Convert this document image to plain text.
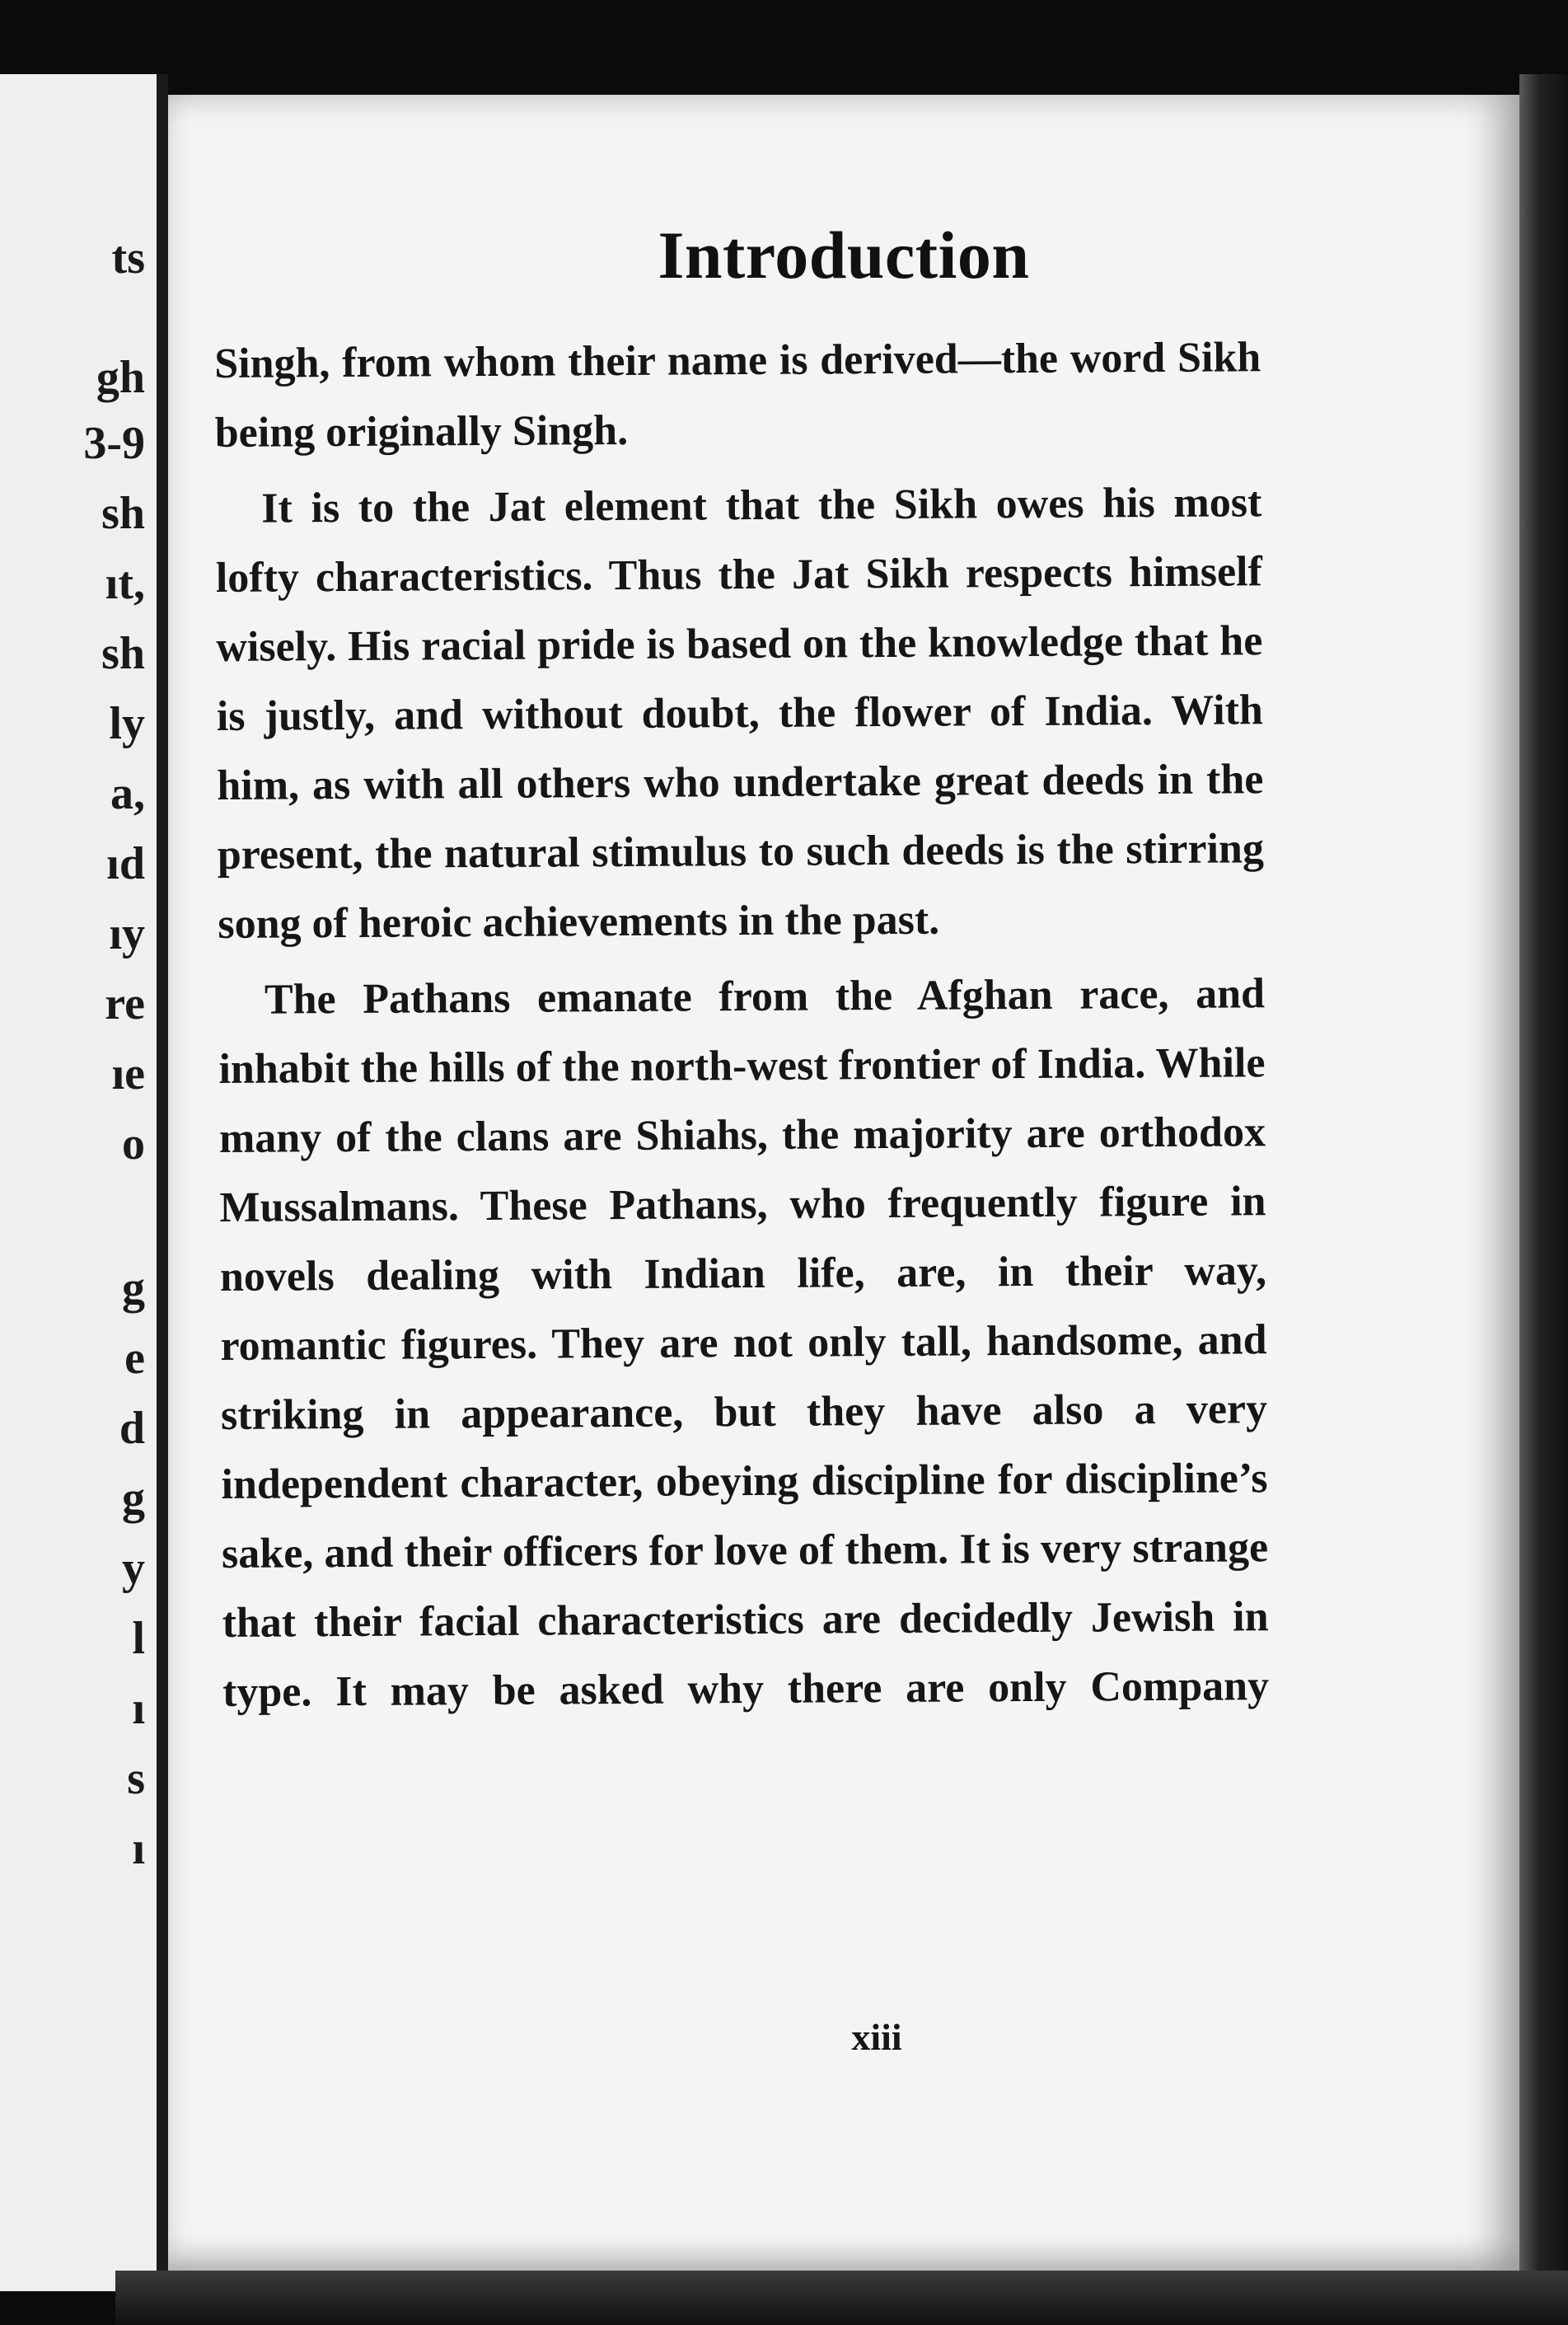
ts
gh
3-9
sh
ıt,
sh
ly
a,
ıd
ıy
re
ıe
o
g
e
d
g
y
l
ı
s
ı
Introduction

Singh, from whom their name is derived—the word Sikh being originally Singh.

It is to the Jat element that the Sikh owes his most lofty characteristics. Thus the Jat Sikh respects himself wisely. His racial pride is based on the knowledge that he is justly, and without doubt, the flower of India. With him, as with all others who undertake great deeds in the present, the natural stimulus to such deeds is the stirring song of heroic achievements in the past.

The Pathans emanate from the Afghan race, and inhabit the hills of the north-west frontier of India. While many of the clans are Shiahs, the majority are orthodox Mussalmans. These Pathans, who frequently figure in novels dealing with Indian life, are, in their way, romantic figures. They are not only tall, handsome, and striking in appearance, but they have also a very independent character, obeying discipline for discipline’s sake, and their officers for love of them. It is very strange that their facial characteristics are decidedly Jewish in type. It may be asked why there are only Company

xiii
